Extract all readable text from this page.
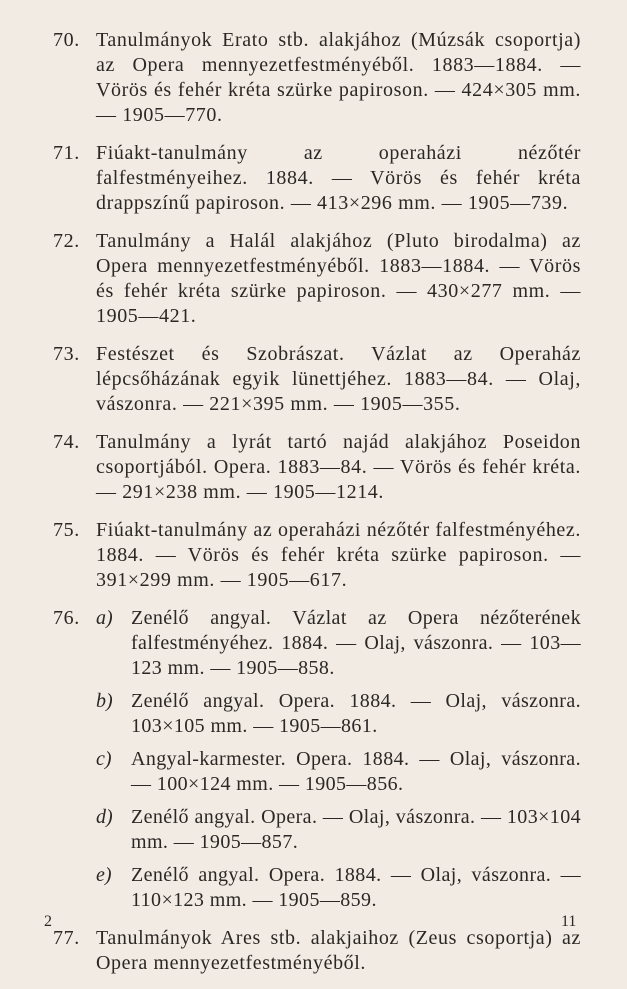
70. Tanulmányok Erato stb. alakjához (Múzsák csoportja) az Opera mennyezetfestményéből. 1883—1884. — Vörös és fehér kréta szürke papiroson. — 424×305 mm. — 1905—770.
71. Fiúakt-tanulmány az operaházi nézőtér falfestményeihez. 1884. — Vörös és fehér kréta drappszínű papiroson. — 413×296 mm. — 1905—739.
72. Tanulmány a Halál alakjához (Pluto birodalma) az Opera mennyezetfestményéből. 1883—1884. — Vörös és fehér kréta szürke papiroson. — 430×277 mm. — 1905—421.
73. Festészet és Szobrászat. Vázlat az Operaház lépcsőházának egyik lünettjéhez. 1883—84. — Olaj, vászonra. — 221×395 mm. — 1905—355.
74. Tanulmány a lyrát tartó najád alakjához Poseidon csoportjából. Opera. 1883—84. — Vörös és fehér kréta. — 291×238 mm. — 1905—1214.
75. Fiúakt-tanulmány az operaházi nézőtér falfestményéhez. 1884. — Vörös és fehér kréta szürke papiroson. — 391×299 mm. — 1905—617.
76. a) Zenélő angyal. Vázlat az Opera nézőterének falfestményéhez. 1884. — Olaj, vászonra. — 103—123 mm. — 1905—858.
b) Zenélő angyal. Opera. 1884. — Olaj, vászonra. 103×105 mm. — 1905—861.
c) Angyal-karmester. Opera. 1884. — Olaj, vászonra. — 100×124 mm. — 1905—856.
d) Zenélő angyal. Opera. — Olaj, vászonra. — 103×104 mm. — 1905—857.
e) Zenélő angyal. Opera. 1884. — Olaj, vászonra. — 110×123 mm. — 1905—859.
77. Tanulmányok Ares stb. alakjaihoz (Zeus csoportja) az Opera mennyezetfestményéből.
2	11
